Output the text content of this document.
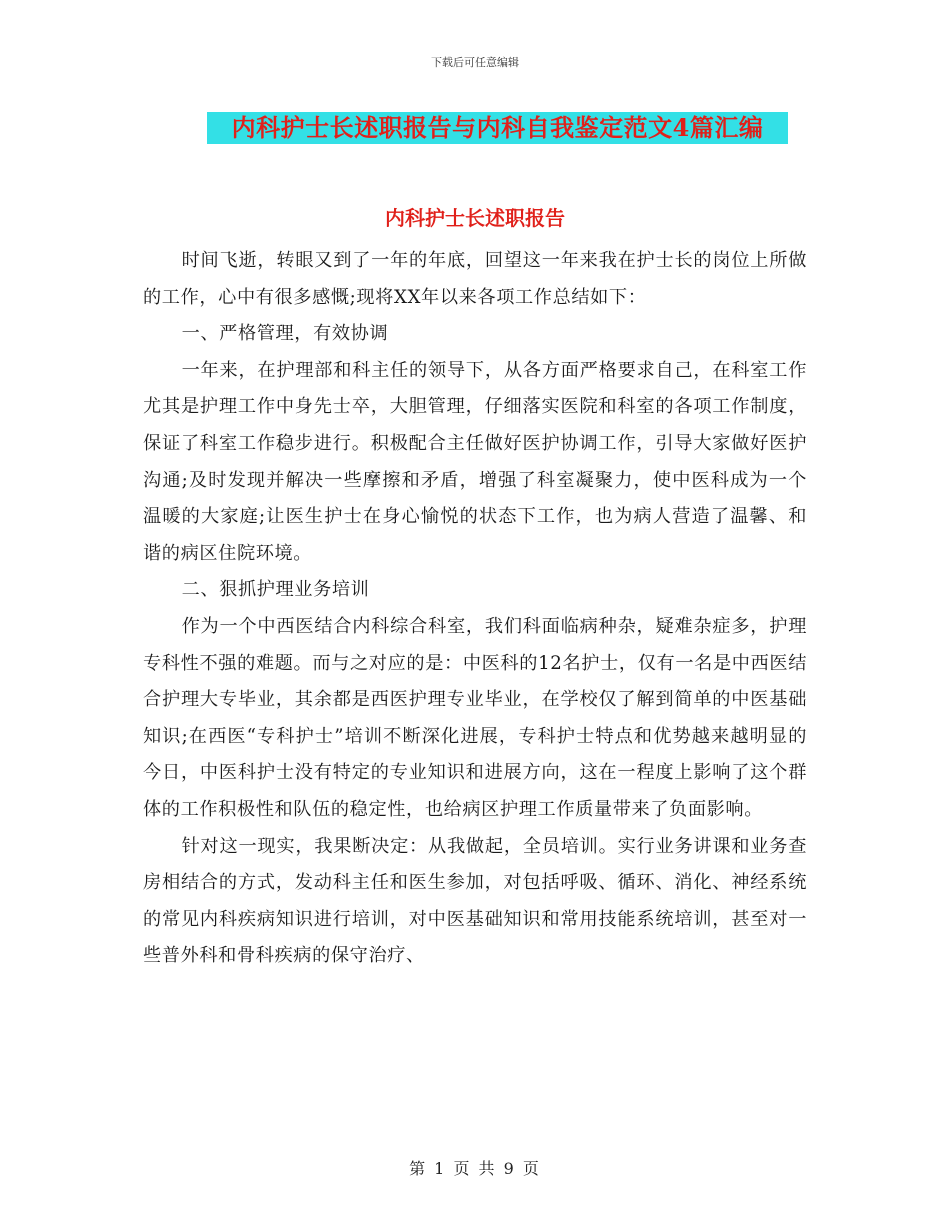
下载后可任意编辑
内科护士长述职报告与内科自我鉴定范文4篇汇编
内科护士长述职报告

时间飞逝，转眼又到了一年的年底，回望这一年来我在护士长的岗位上所做的工作，心中有很多感慨;现将XX年以来各项工作总结如下：

一、严格管理，有效协调

一年来，在护理部和科主任的领导下，从各方面严格要求自己，在科室工作尤其是护理工作中身先士卒，大胆管理，仔细落实医院和科室的各项工作制度，保证了科室工作稳步进行。积极配合主任做好医护协调工作，引导大家做好医护沟通;及时发现并解决一些摩擦和矛盾，增强了科室凝聚力，使中医科成为一个温暖的大家庭;让医生护士在身心愉悦的状态下工作，也为病人营造了温馨、和谐的病区住院环境。

二、狠抓护理业务培训

作为一个中西医结合内科综合科室，我们科面临病种杂，疑难杂症多，护理专科性不强的难题。而与之对应的是：中医科的12名护士，仅有一名是中西医结合护理大专毕业，其余都是西医护理专业毕业，在学校仅了解到简单的中医基础知识;在西医“专科护士”培训不断深化进展，专科护士特点和优势越来越明显的今日，中医科护士没有特定的专业知识和进展方向，这在一程度上影响了这个群体的工作积极性和队伍的稳定性，也给病区护理工作质量带来了负面影响。

针对这一现实，我果断决定：从我做起，全员培训。实行业务讲课和业务查房相结合的方式，发动科主任和医生参加，对包括呼吸、循环、消化、神经系统的常见内科疾病知识进行培训，对中医基础知识和常用技能系统培训，甚至对一些普外科和骨科疾病的保守治疗、

第 1 页 共 9 页
